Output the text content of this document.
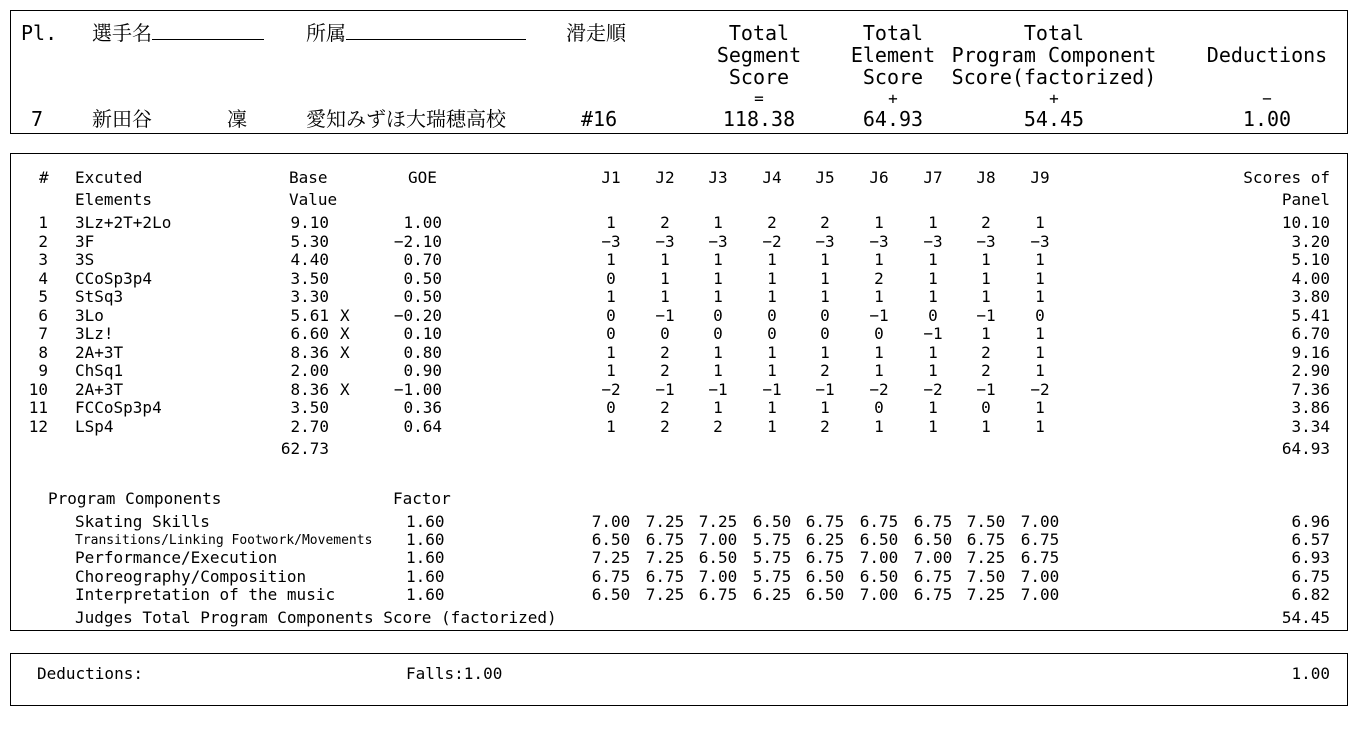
Pl. 選手名	所属	滑走順	Total
Segment
Score
Total
Element
Score
Total
Program Component
Score(factorized)
Deductions
=	+	+	−
7 新田谷	凜	愛知みずほ大瑞穂高校	#16	118.38	64.93	54.45	1.00
# Excuted
Elements
Base
Value
GOE	J1 J2 J3 J4 J5 J6 J7 J8 J9	Scores of
Panel
1 3Lz+2T+2Lo	9.10	1.00	1	2	1	2	2	1	1	2	1	10.10
2 3F	5.30	−2.10	−3 −3 −3 −2 −3 −3 −3 −3 −3	3.20
3 3S	4.40	0.70	1	1	1	1	1	1	1	1	1	5.10
4 CCoSp3p4	3.50	0.50	0	1	1	1	1	2	1	1	1	4.00
5 StSq3	3.30	0.50	1	1	1	1	1	1	1	1	1	3.80
6 3Lo	5.61 X	−0.20	0 −1 0	0	0 −1 0 −1 0	5.41
7 3Lz!	6.60 X	0.10	0	0	0	0	0	0 −1 1	1	6.70
8 2A+3T	8.36 X	0.80	1	2	1	1	1	1	1	2	1	9.16
9 ChSq1	2.00	0.90	1	2	1	1	2	1	1	2	1	2.90
10 2A+3T	8.36 X	−1.00	−2 −1 −1 −1 −1 −2 −2 −1 −2	7.36
11 FCCoSp3p4	3.50	0.36	0	2	1	1	1	0	1	0	1	3.86
12 LSp4	2.70	0.64	1	2	2	1	2	1	1	1	1	3.34
62.73	64.93
Program Components	Factor
Skating Skills	1.60	7.00 7.25 7.25 6.50 6.75 6.75 6.75 7.50 7.00	6.96
Transitions/Linking Footwork/Movements 1.60	6.50 6.75 7.00 5.75 6.25 6.50 6.50 6.75 6.75	6.57
Performance/Execution	1.60	7.25 7.25 6.50 5.75 6.75 7.00 7.00 7.25 6.75	6.93
Choreography/Composition	1.60	6.75 6.75 7.00 5.75 6.50 6.50 6.75 7.50 7.00	6.75
Interpretation of the music	1.60	6.50 7.25 6.75 6.25 6.50 7.00 6.75 7.25 7.00	6.82
Judges Total Program Components Score (factorized)	54.45
Deductions:	Falls:1.00	1.00
